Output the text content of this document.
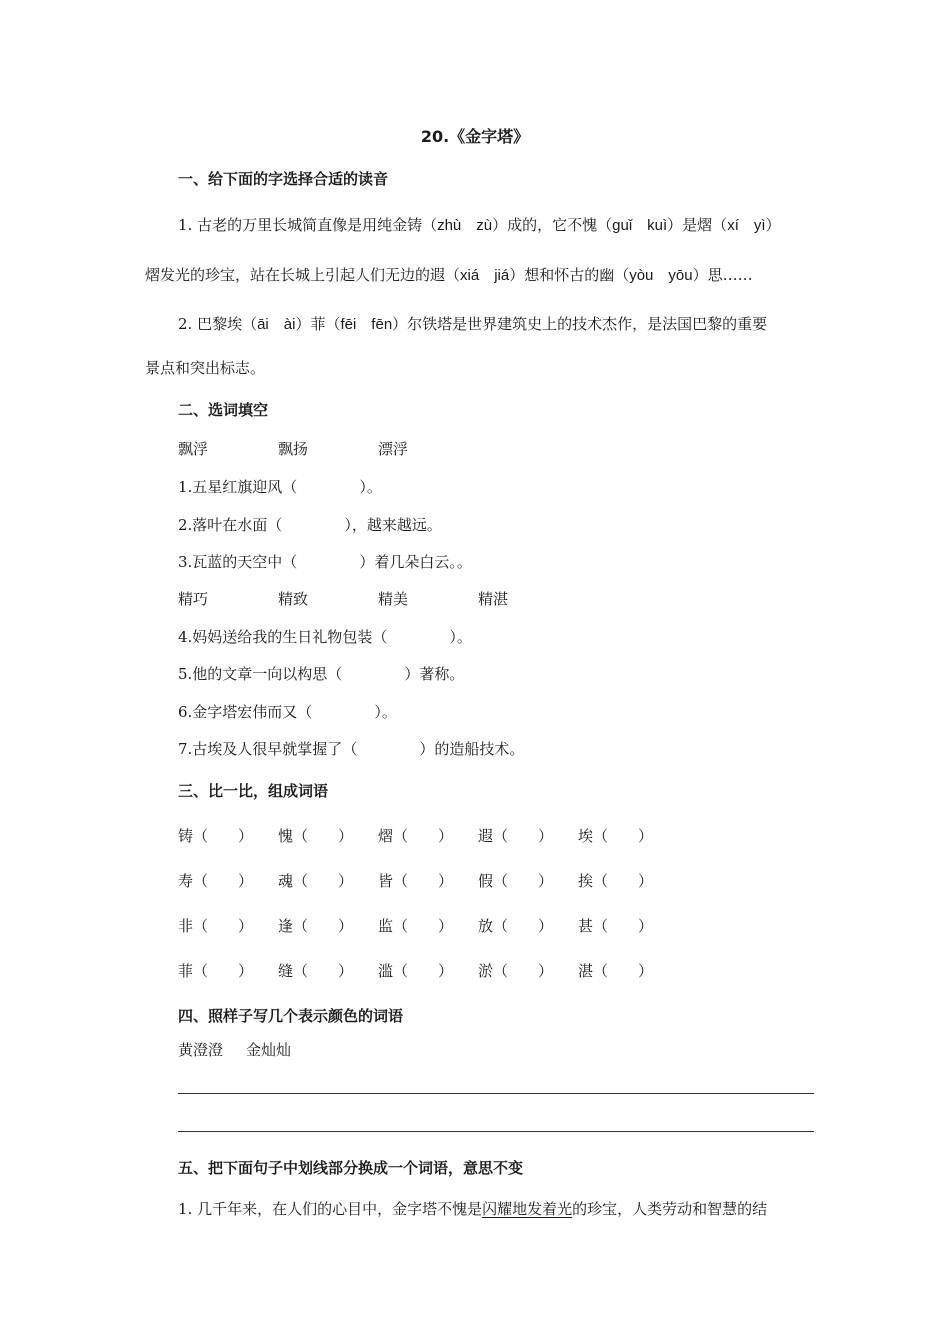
20.《金字塔》
一、给下面的字选择合适的读音
1. 古老的万里长城简直像是用纯金铸（zhù　zù）成的，它不愧（guǐ　kuì）是熠（xí　yì）
熠发光的珍宝，站在长城上引起人们无边的遐（xiá　jiá）想和怀古的幽（yòu　yōu）思……
2. 巴黎埃（āi　ài）菲（fēi　fēn）尔铁塔是世界建筑史上的技术杰作，是法国巴黎的重要
景点和突出标志。
二、选词填空
飘浮	飘扬	漂浮
1.五星红旗迎风（	）。
2.落叶在水面（	），越来越远。
3.瓦蓝的天空中（	）着几朵白云。。
精巧	精致	精美	精湛
4.妈妈送给我的生日礼物包装（	）。
5.他的文章一向以构思（	）著称。
6.金字塔宏伟而又（	）。
7.古埃及人很早就掌握了（	）的造船技术。
三、比一比，组成词语
铸（　　） 愧（　　） 熠（　　） 遐（　　） 埃（　　）
寿（　　） 魂（　　） 皆（　　） 假（　　） 挨（　　）
非（　　） 逢（　　） 监（　　） 放（　　） 甚（　　）
菲（　　） 缝（　　） 滥（　　） 淤（　　） 湛（　　）
四、照样子写几个表示颜色的词语
黄澄澄 金灿灿
五、把下面句子中划线部分换成一个词语，意思不变
1. 几千年来，在人们的心目中，金字塔不愧是闪耀地发着光的珍宝，人类劳动和智慧的结
